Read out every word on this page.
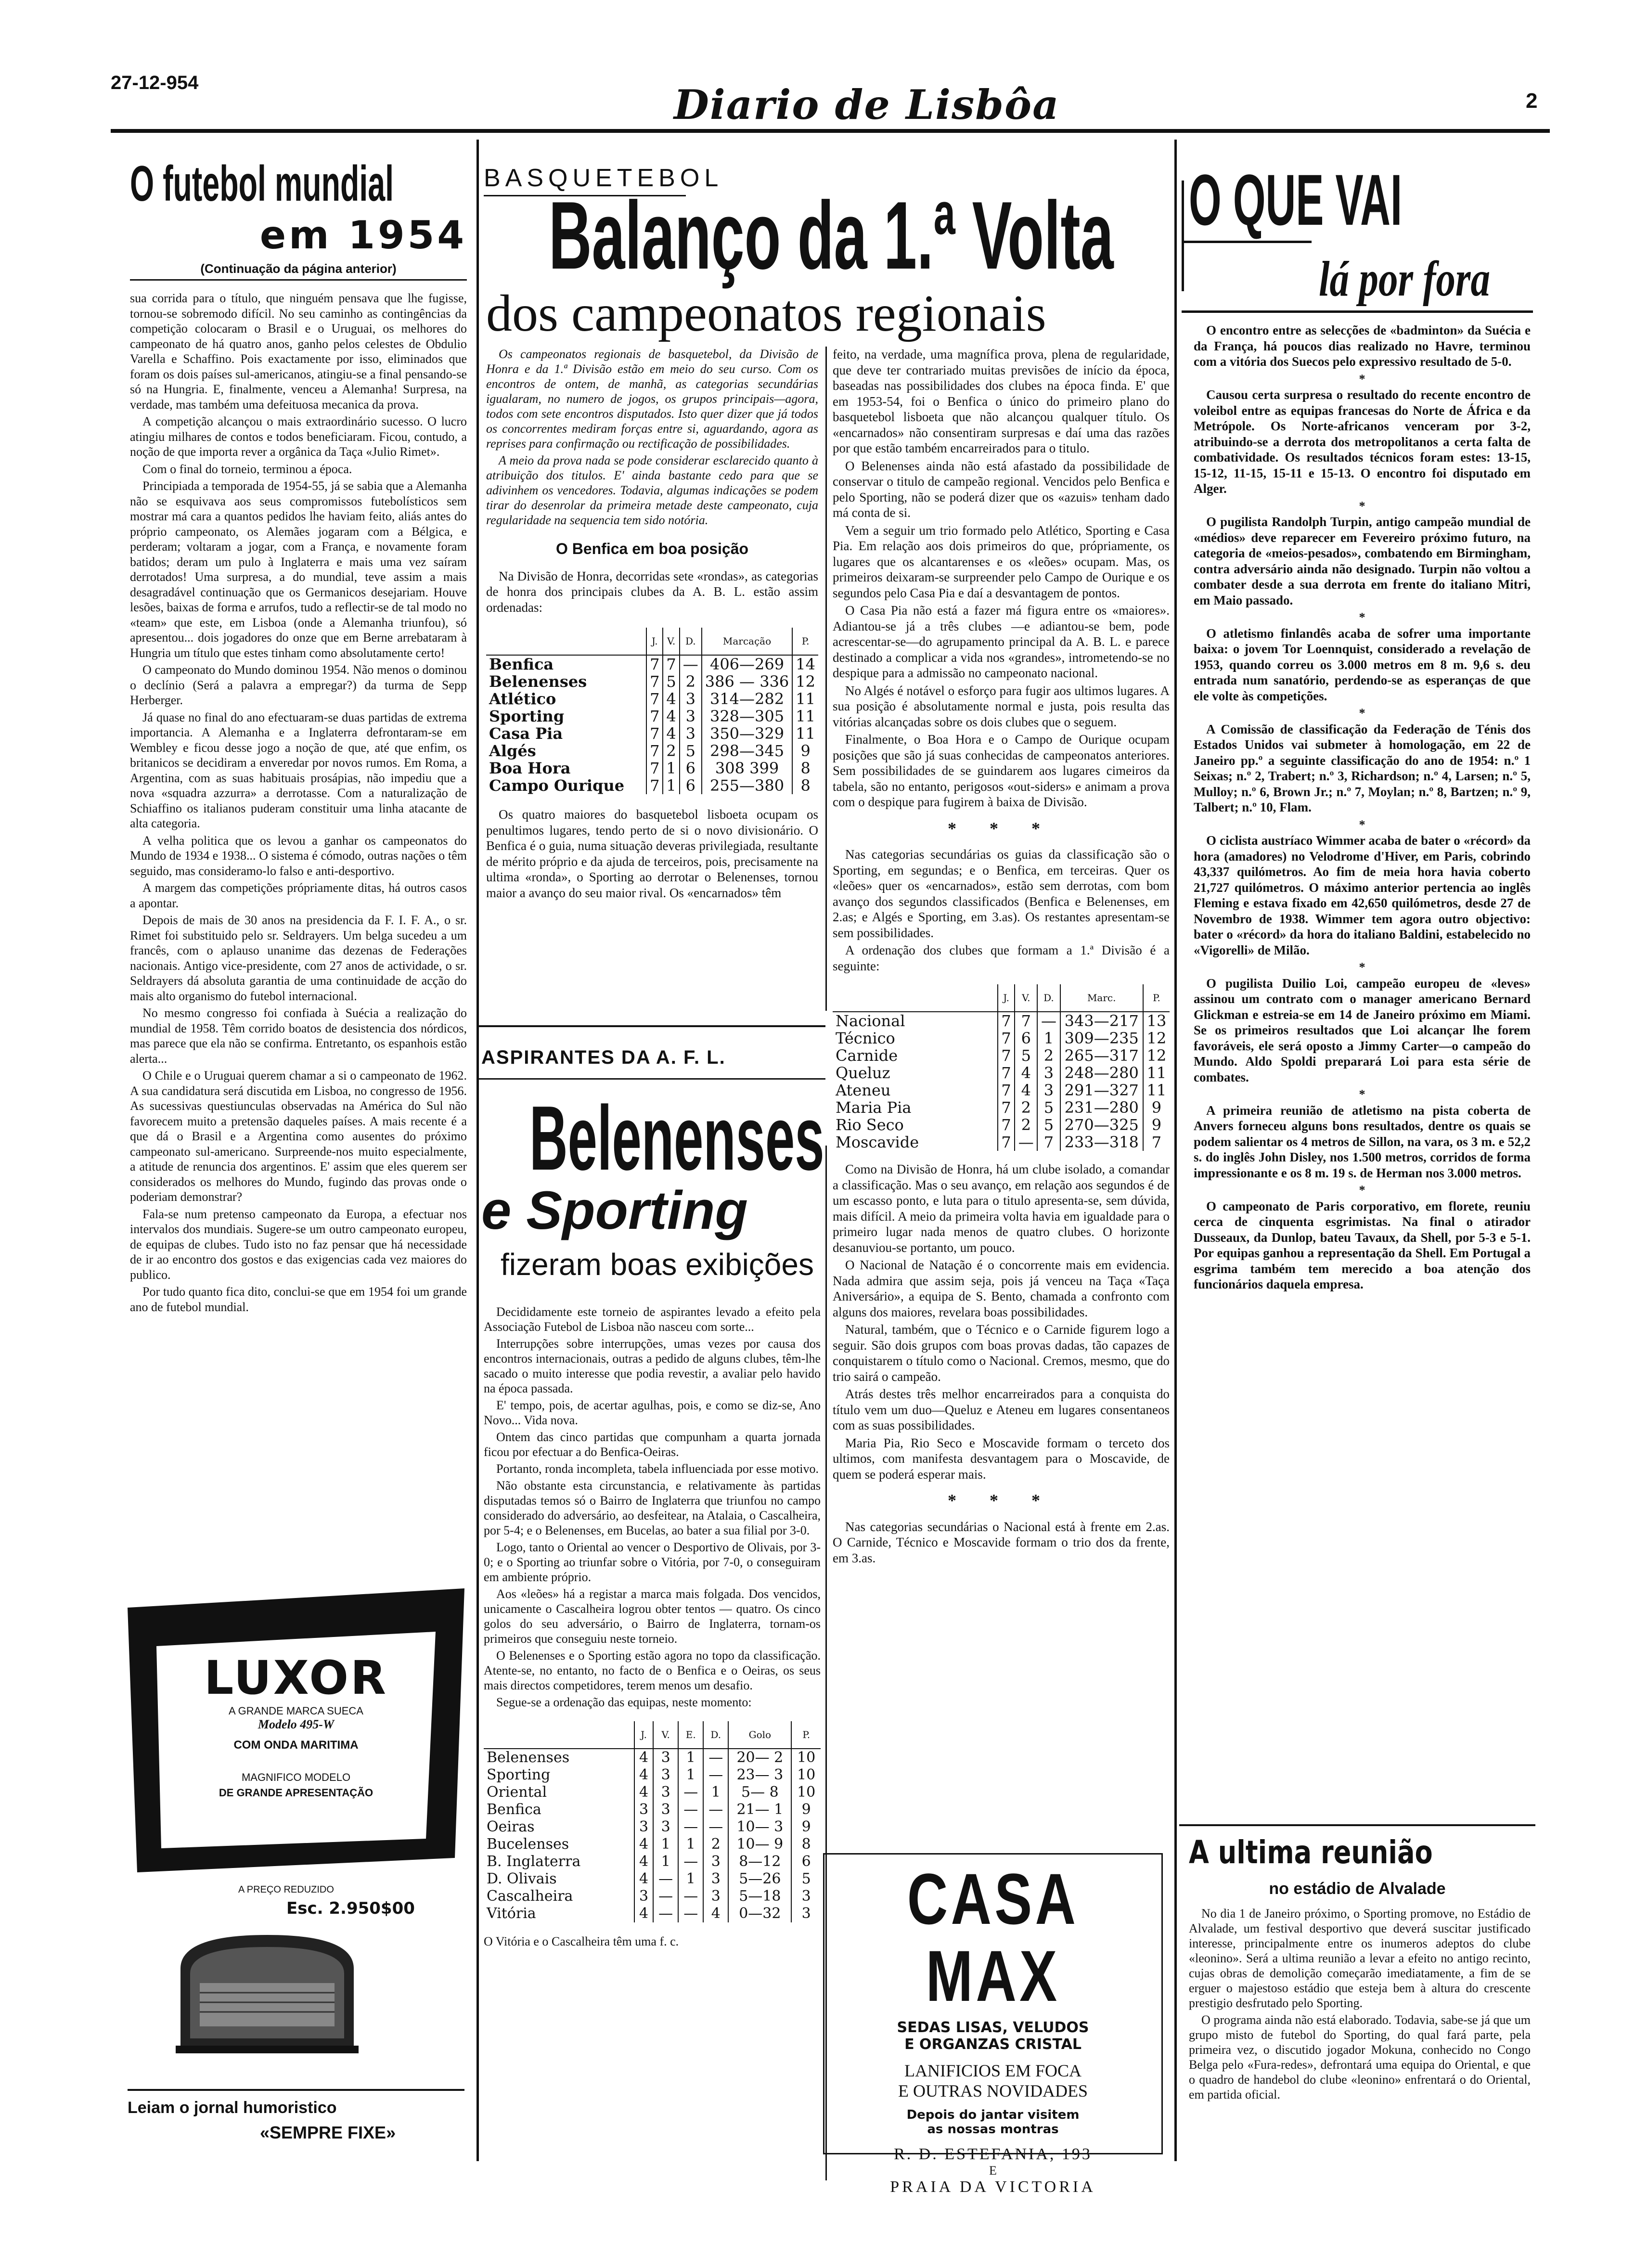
27-12-954	Diario de Lisbôa	2
O futebol mundial
em 1954
(Continuação da página anterior)

sua corrida para o título, que ninguém pensava que lhe fugisse, tornou-se sobremodo difícil. No seu caminho as contingências da competição colocaram o Brasil e o Uruguai, os melhores do campeonato de há quatro anos, ganho pelos celestes de Obdulio Varella e Schaffino. Pois exactamente por isso, eliminados que foram os dois países sul-americanos, atingiu-se a final pensando-se só na Hungria. E, finalmente, venceu a Alemanha! Surpresa, na verdade, mas também uma defeituosa mecanica da prova.

A competição alcançou o mais extraordinário sucesso. O lucro atingiu milhares de contos e todos beneficiaram. Ficou, contudo, a noção de que importa rever a orgânica da Taça «Julio Rimet».

Com o final do torneio, terminou a época.

Principiada a temporada de 1954-55, já se sabia que a Alemanha não se esquivava aos seus compromissos futebolísticos sem mostrar má cara a quantos pedidos lhe haviam feito, aliás antes do próprio campeonato, os Alemães jogaram com a Bélgica, e perderam; voltaram a jogar, com a França, e novamente foram batidos; deram um pulo à Inglaterra e mais uma vez saíram derrotados! Uma surpresa, a do mundial, teve assim a mais desagradável continuação que os Germanicos desejariam. Houve lesões, baixas de forma e arrufos, tudo a reflectir-se de tal modo no «team» que este, em Lisboa (onde a Alemanha triunfou), só apresentou... dois jogadores do onze que em Berne arrebataram à Hungria um título que estes tinham como absolutamente certo!

O campeonato do Mundo dominou 1954. Não menos o dominou o declínio (Será a palavra a empregar?) da turma de Sepp Herberger.

Já quase no final do ano efectuaram-se duas partidas de extrema importancia. A Alemanha e a Inglaterra defrontaram-se em Wembley e ficou desse jogo a noção de que, até que enfim, os britanicos se decidiram a enveredar por novos rumos. Em Roma, a Argentina, com as suas habituais prosápias, não impediu que a nova «squadra azzurra» a derrotasse. Com a naturalização de Schiaffino os italianos puderam constituir uma linha atacante de alta categoria.

A velha politica que os levou a ganhar os campeonatos do Mundo de 1934 e 1938... O sistema é cómodo, outras nações o têm seguido, mas consideramo-lo falso e anti-desportivo.

A margem das competições própriamente ditas, há outros casos a apontar.

Depois de mais de 30 anos na presidencia da F. I. F. A., o sr. Rimet foi substituido pelo sr. Seldrayers. Um belga sucedeu a um francês, com o aplauso unanime das dezenas de Federações nacionais. Antigo vice-presidente, com 27 anos de actividade, o sr. Seldrayers dá absoluta garantia de uma continuidade de acção do mais alto organismo do futebol internacional.

No mesmo congresso foi confiada à Suécia a realização do mundial de 1958. Têm corrido boatos de desistencia dos nórdicos, mas parece que ela não se confirma. Entretanto, os espanhois estão alerta...

O Chile e o Uruguai querem chamar a si o campeonato de 1962. A sua candidatura será discutida em Lisboa, no congresso de 1956. As sucessivas questiunculas observadas na América do Sul não favorecem muito a pretensão daqueles países. A mais recente é a que dá o Brasil e a Argentina como ausentes do próximo campeonato sul-americano. Surpreende-nos muito especialmente, a atitude de renuncia dos argentinos. E' assim que eles querem ser considerados os melhores do Mundo, fugindo das provas onde o poderiam demonstrar?

Fala-se num pretenso campeonato da Europa, a efectuar nos intervalos dos mundiais. Sugere-se um outro campeonato europeu, de equipas de clubes. Tudo isto no faz pensar que há necessidade de ir ao encontro dos gostos e das exigencias cada vez maiores do publico.

Por tudo quanto fica dito, conclui-se que em 1954 foi um grande ano de futebol mundial.

LUXOR
A GRANDE MARCA SUECA
Modelo 495-W
COM ONDA MARITIMA
MAGNIFICO MODELO
DE GRANDE APRESENTAÇÃO
A PREÇO REDUZIDO
Esc. 2.950$00
Leiam o jornal humoristico
«SEMPRE FIXE»
BASQUETEBOL
Balanço da 1.ª Volta
dos campeonatos regionais

Os campeonatos regionais de basquetebol, da Divisão de Honra e da 1.ª Divisão estão em meio do seu curso. Com os encontros de ontem, de manhã, as categorias secundárias igualaram, no numero de jogos, os grupos principais—agora, todos com sete encontros disputados. Isto quer dizer que já todos os concorrentes mediram forças entre si, aguardando, agora as reprises para confirmação ou rectificação de possibilidades.

A meio da prova nada se pode considerar esclarecido quanto à atribuição dos titulos. E' ainda bastante cedo para que se adivinhem os vencedores. Todavia, algumas indicações se podem tirar do desenrolar da primeira metade deste campeonato, cuja regularidade na sequencia tem sido notória.

O Benfica em boa posição

Na Divisão de Honra, decorridas sete «rondas», as categorias de honra dos principais clubes da A. B. L. estão assim ordenadas:

	J.	V.	D.	Marcação	P.
Benfica	7	7	—	406—269	14
Belenenses	7	5	2	386 — 336	12
Atlético	7	4	3	314—282	11
Sporting	7	4	3	328—305	11
Casa Pia	7	4	3	350—329	11
Algés	7	2	5	298—345	9
Boa Hora	7	1	6	308 399	8
Campo Ourique	7	1	6	255—380	8

Os quatro maiores do basquetebol lisboeta ocupam os penultimos lugares, tendo perto de si o novo divisionário. O Benfica é o guia, numa situação deveras privilegiada, resultante de mérito próprio e da ajuda de terceiros, pois, precisamente na ultima «ronda», o Sporting ao derrotar o Belenenses, tornou maior a avanço do seu maior rival. Os «encarnados» têm

feito, na verdade, uma magnífica prova, plena de regularidade, que deve ter contrariado muitas previsões de início da época, baseadas nas possibilidades dos clubes na época finda. E' que em 1953-54, foi o Benfica o único do primeiro plano do basquetebol lisboeta que não alcançou qualquer título. Os «encarnados» não consentiram surpresas e daí uma das razões por que estão também encarreirados para o titulo.

O Belenenses ainda não está afastado da possibilidade de conservar o titulo de campeão regional. Vencidos pelo Benfica e pelo Sporting, não se poderá dizer que os «azuis» tenham dado má conta de si.

Vem a seguir um trio formado pelo Atlético, Sporting e Casa Pia. Em relação aos dois primeiros do que, própriamente, os lugares que os alcantarenses e os «leões» ocupam. Mas, os primeiros deixaram-se surpreender pelo Campo de Ourique e os segundos pelo Casa Pia e daí a desvantagem de pontos.

O Casa Pia não está a fazer má figura entre os «maiores». Adiantou-se já a três clubes —e adiantou-se bem, pode acrescentar-se—do agrupamento principal da A. B. L. e parece destinado a complicar a vida nos «grandes», intrometendo-se no despique para a admissão no campeonato nacional.

No Algés é notável o esforço para fugir aos ultimos lugares. A sua posição é absolutamente normal e justa, pois resulta das vitórias alcançadas sobre os dois clubes que o seguem.

Finalmente, o Boa Hora e o Campo de Ourique ocupam posições que são já suas conhecidas de campeonatos anteriores. Sem possibilidades de se guindarem aos lugares cimeiros da tabela, são no entanto, perigosos «out-siders» e animam a prova com o despique para fugirem à baixa de Divisão.

* * *

Nas categorias secundárias os guias da classificação são o Sporting, em segundas; e o Benfica, em terceiras. Quer os «leões» quer os «encarnados», estão sem derrotas, com bom avanço dos segundos classificados (Benfica e Belenenses, em 2.as; e Algés e Sporting, em 3.as). Os restantes apresentam-se sem possibilidades.

A ordenação dos clubes que formam a 1.ª Divisão é a seguinte:

	J.	V.	D.	Marc.	P.
Nacional	7	7	—	343—217	13
Técnico	7	6	1	309—235	12
Carnide	7	5	2	265—317	12
Queluz	7	4	3	248—280	11
Ateneu	7	4	3	291—327	11
Maria Pia	7	2	5	231—280	9
Rio Seco	7	2	5	270—325	9
Moscavide	7	—	7	233—318	7

Como na Divisão de Honra, há um clube isolado, a comandar a classificação. Mas o seu avanço, em relação aos segundos é de um escasso ponto, e luta para o titulo apresenta-se, sem dúvida, mais difícil. A meio da primeira volta havia em igualdade para o primeiro lugar nada menos de quatro clubes. O horizonte desanuviou-se portanto, um pouco.

O Nacional de Natação é o concorrente mais em evidencia. Nada admira que assim seja, pois já venceu na Taça «Taça Aniversário», a equipa de S. Bento, chamada a confronto com alguns dos maiores, revelara boas possibilidades.

Natural, também, que o Técnico e o Carnide figurem logo a seguir. São dois grupos com boas provas dadas, tão capazes de conquistarem o título como o Nacional. Cremos, mesmo, que do trio sairá o campeão.

Atrás destes três melhor encarreirados para a conquista do título vem um duo—Queluz e Ateneu em lugares consentaneos com as suas possibilidades.

Maria Pia, Rio Seco e Moscavide formam o terceto dos ultimos, com manifesta desvantagem para o Moscavide, de quem se poderá esperar mais.

* * *

Nas categorias secundárias o Nacional está à frente em 2.as. O Carnide, Técnico e Moscavide formam o trio dos da frente, em 3.as.

ASPIRANTES DA A. F. L.
Belenenses
e Sporting
fizeram boas exibições

Decididamente este torneio de aspirantes levado a efeito pela Associação Futebol de Lisboa não nasceu com sorte...

Interrupções sobre interrupções, umas vezes por causa dos encontros internacionais, outras a pedido de alguns clubes, têm-lhe sacado o muito interesse que podia revestir, a avaliar pelo havido na época passada.

E' tempo, pois, de acertar agulhas, pois, e como se diz-se, Ano Novo... Vida nova.

Ontem das cinco partidas que compunham a quarta jornada ficou por efectuar a do Benfica-Oeiras.

Portanto, ronda incompleta, tabela influenciada por esse motivo.

Não obstante esta circunstancia, e relativamente às partidas disputadas temos só o Bairro de Inglaterra que triunfou no campo considerado do adversário, ao desfeitear, na Atalaia, o Cascalheira, por 5-4; e o Belenenses, em Bucelas, ao bater a sua filial por 3-0.

Logo, tanto o Oriental ao vencer o Desportivo de Olivais, por 3-0; e o Sporting ao triunfar sobre o Vitória, por 7-0, o conseguiram em ambiente próprio.

Aos «leões» há a registar a marca mais folgada. Dos vencidos, unicamente o Cascalheira logrou obter tentos — quatro. Os cinco golos do seu adversário, o Bairro de Inglaterra, tornam-os primeiros que conseguiu neste torneio.

O Belenenses e o Sporting estão agora no topo da classificação. Atente-se, no entanto, no facto de o Benfica e o Oeiras, os seus mais directos competidores, terem menos um desafio.

Segue-se a ordenação das equipas, neste momento:

	J.	V.	E.	D.	Golo	P.
Belenenses	4	3	1	—	20— 2	10
Sporting	4	3	1	—	23— 3	10
Oriental	4	3	—	1	5— 8	10
Benfica	3	3	—	—	21— 1	9
Oeiras	3	3	—	—	10— 3	9
Bucelenses	4	1	1	2	10— 9	8
B. Inglaterra	4	1	—	3	8—12	6
D. Olivais	4	—	1	3	5—26	5
Cascalheira	3	—	—	3	5—18	3
Vitória	4	—	—	4	0—32	3

O Vitória e o Cascalheira têm uma f. c.

CASA MAX
SEDAS LISAS, VELUDOS
E ORGANZAS CRISTAL
LANIFICIOS EM FOCA
E OUTRAS NOVIDADES
Depois do jantar visitem
as nossas montras
R. D. ESTEFANIA, 193
E
PRAIA DA VICTORIA
O QUE VAI
lá por fora

O encontro entre as selecções de «badminton» da Suécia e da França, há poucos dias realizado no Havre, terminou com a vitória dos Suecos pelo expressivo resultado de 5-0.

*

Causou certa surpresa o resultado do recente encontro de voleibol entre as equipas francesas do Norte de África e da Metrópole. Os Norte-africanos venceram por 3-2, atribuindo-se a derrota dos metropolitanos a certa falta de combatividade. Os resultados técnicos foram estes: 13-15, 15-12, 11-15, 15-11 e 15-13. O encontro foi disputado em Alger.

*

O pugilista Randolph Turpin, antigo campeão mundial de «médios» deve reparecer em Fevereiro próximo futuro, na categoria de «meios-pesados», combatendo em Birmingham, contra adversário ainda não designado. Turpin não voltou a combater desde a sua derrota em frente do italiano Mitri, em Maio passado.

*

O atletismo finlandês acaba de sofrer uma importante baixa: o jovem Tor Loennquist, considerado a revelação de 1953, quando correu os 3.000 metros em 8 m. 9,6 s. deu entrada num sanatório, perdendo-se as esperanças de que ele volte às competições.

*

A Comissão de classificação da Federação de Ténis dos Estados Unidos vai submeter à homologação, em 22 de Janeiro pp.º a seguinte classificação do ano de 1954: n.º 1 Seixas; n.º 2, Trabert; n.º 3, Richardson; n.º 4, Larsen; n.º 5, Mulloy; n.º 6, Brown Jr.; n.º 7, Moylan; n.º 8, Bartzen; n.º 9, Talbert; n.º 10, Flam.

*

O ciclista austríaco Wimmer acaba de bater o «récord» da hora (amadores) no Velodrome d'Hiver, em Paris, cobrindo 43,337 quilómetros. Ao fim de meia hora havia coberto 21,727 quilómetros. O máximo anterior pertencia ao inglês Fleming e estava fixado em 42,650 quilómetros, desde 27 de Novembro de 1938. Wimmer tem agora outro objectivo: bater o «récord» da hora do italiano Baldini, estabelecido no «Vigorelli» de Milão.

*

O pugilista Duilio Loi, campeão europeu de «leves» assinou um contrato com o manager americano Bernard Glickman e estreia-se em 14 de Janeiro próximo em Miami. Se os primeiros resultados que Loi alcançar lhe forem favoráveis, ele será oposto a Jimmy Carter—o campeão do Mundo. Aldo Spoldi preparará Loi para esta série de combates.

*

A primeira reunião de atletismo na pista coberta de Anvers forneceu alguns bons resultados, dentre os quais se podem salientar os 4 metros de Sillon, na vara, os 3 m. e 52,2 s. do inglês John Disley, nos 1.500 metros, corridos de forma impressionante e os 8 m. 19 s. de Herman nos 3.000 metros.

*

O campeonato de Paris corporativo, em florete, reuniu cerca de cinquenta esgrimistas. Na final o atirador Dusseaux, da Dunlop, bateu Tavaux, da Shell, por 5-3 e 5-1. Por equipas ganhou a representação da Shell. Em Portugal a esgrima também tem merecido a boa atenção dos funcionários daquela empresa.

A ultima reunião
no estádio de Alvalade

No dia 1 de Janeiro próximo, o Sporting promove, no Estádio de Alvalade, um festival desportivo que deverá suscitar justificado interesse, principalmente entre os inumeros adeptos do clube «leonino». Será a ultima reunião a levar a efeito no antigo recinto, cujas obras de demolição começarão imediatamente, a fim de se erguer o majestoso estádio que esteja bem à altura do crescente prestigio desfrutado pelo Sporting.

O programa ainda não está elaborado. Todavia, sabe-se já que um grupo misto de futebol do Sporting, do qual fará parte, pela primeira vez, o discutido jogador Mokuna, conhecido no Congo Belga pelo «Fura-redes», defrontará uma equipa do Oriental, e que o quadro de handebol do clube «leonino» enfrentará o do Oriental, em partida oficial.
